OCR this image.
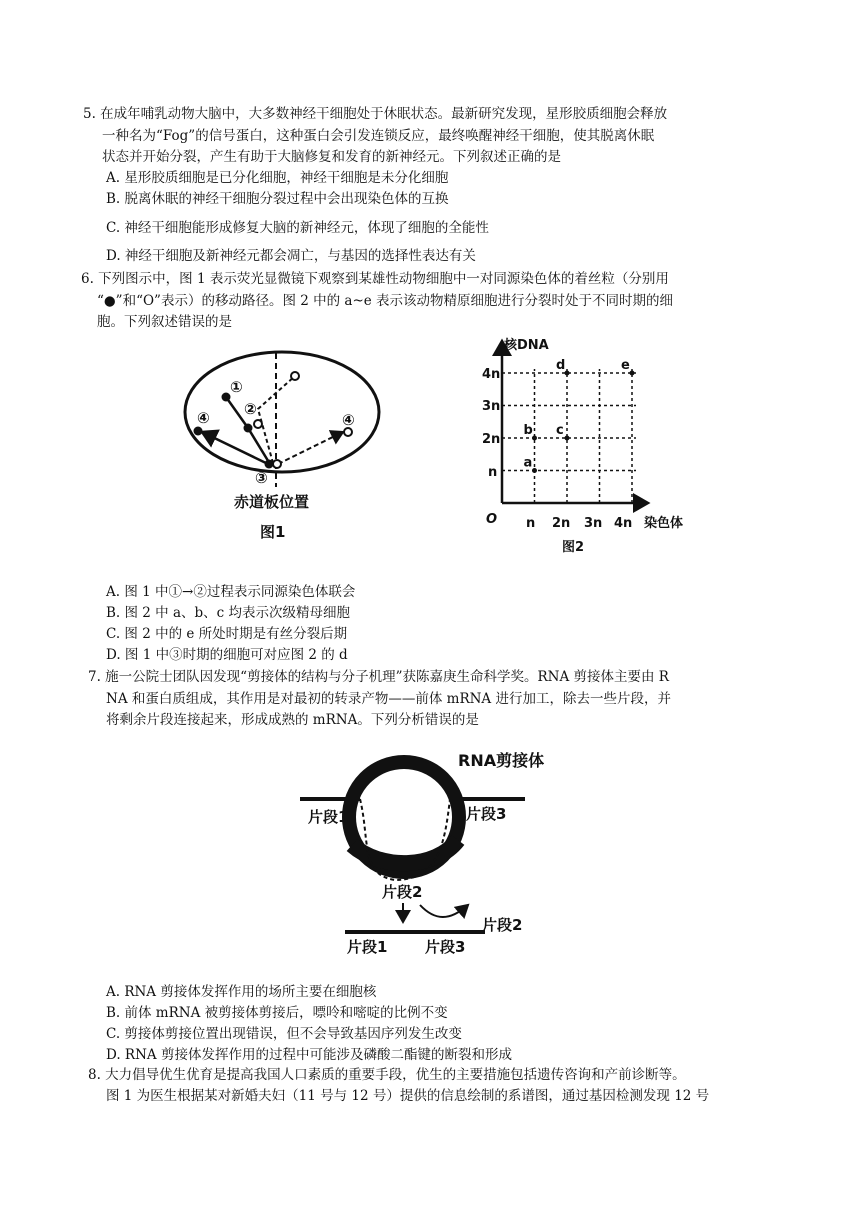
5. 在成年哺乳动物大脑中，大多数神经干细胞处于休眠状态。最新研究发现，星形胶质细胞会释放
一种名为“Fog”的信号蛋白，这种蛋白会引发连锁反应，最终唤醒神经干细胞，使其脱离休眠
状态并开始分裂，产生有助于大脑修复和发育的新神经元。下列叙述正确的是
A. 星形胶质细胞是已分化细胞，神经干细胞是未分化细胞
B. 脱离休眠的神经干细胞分裂过程中会出现染色体的互换
C. 神经干细胞能形成修复大脑的新神经元，体现了细胞的全能性
D. 神经干细胞及新神经元都会凋亡，与基因的选择性表达有关
6. 下列图示中，图 1 表示荧光显微镜下观察到某雄性动物细胞中一对同源染色体的着丝粒（分别用
“●”和“O”表示）的移动路径。图 2 中的 a~e 表示该动物精原细胞进行分裂时处于不同时期的细
胞。下列叙述错误的是
①
②
③
④	④
赤道板位置
图1
核DNA
染色体
O
4n
3n
2n
n
n 2n 3n 4n
a
b c
d	e
图2
A. 图 1 中①→②过程表示同源染色体联会
B. 图 2 中 a、b、c 均表示次级精母细胞
C. 图 2 中的 e 所处时期是有丝分裂后期
D. 图 1 中③时期的细胞可对应图 2 的 d
7. 施一公院士团队因发现“剪接体的结构与分子机理”获陈嘉庚生命科学奖。RNA 剪接体主要由 R
NA 和蛋白质组成，其作用是对最初的转录产物——前体 mRNA 进行加工，除去一些片段，并
将剩余片段连接起来，形成成熟的 mRNA。下列分析错误的是
RNA剪接体
片段1	片段3
片段2
片段2
片段1	片段3
A. RNA 剪接体发挥作用的场所主要在细胞核
B. 前体 mRNA 被剪接体剪接后，嘌呤和嘧啶的比例不变
C. 剪接体剪接位置出现错误，但不会导致基因序列发生改变
D. RNA 剪接体发挥作用的过程中可能涉及磷酸二酯键的断裂和形成
8. 大力倡导优生优育是提高我国人口素质的重要手段，优生的主要措施包括遗传咨询和产前诊断等。
图 1 为医生根据某对新婚夫妇（11 号与 12 号）提供的信息绘制的系谱图，通过基因检测发现 12 号
